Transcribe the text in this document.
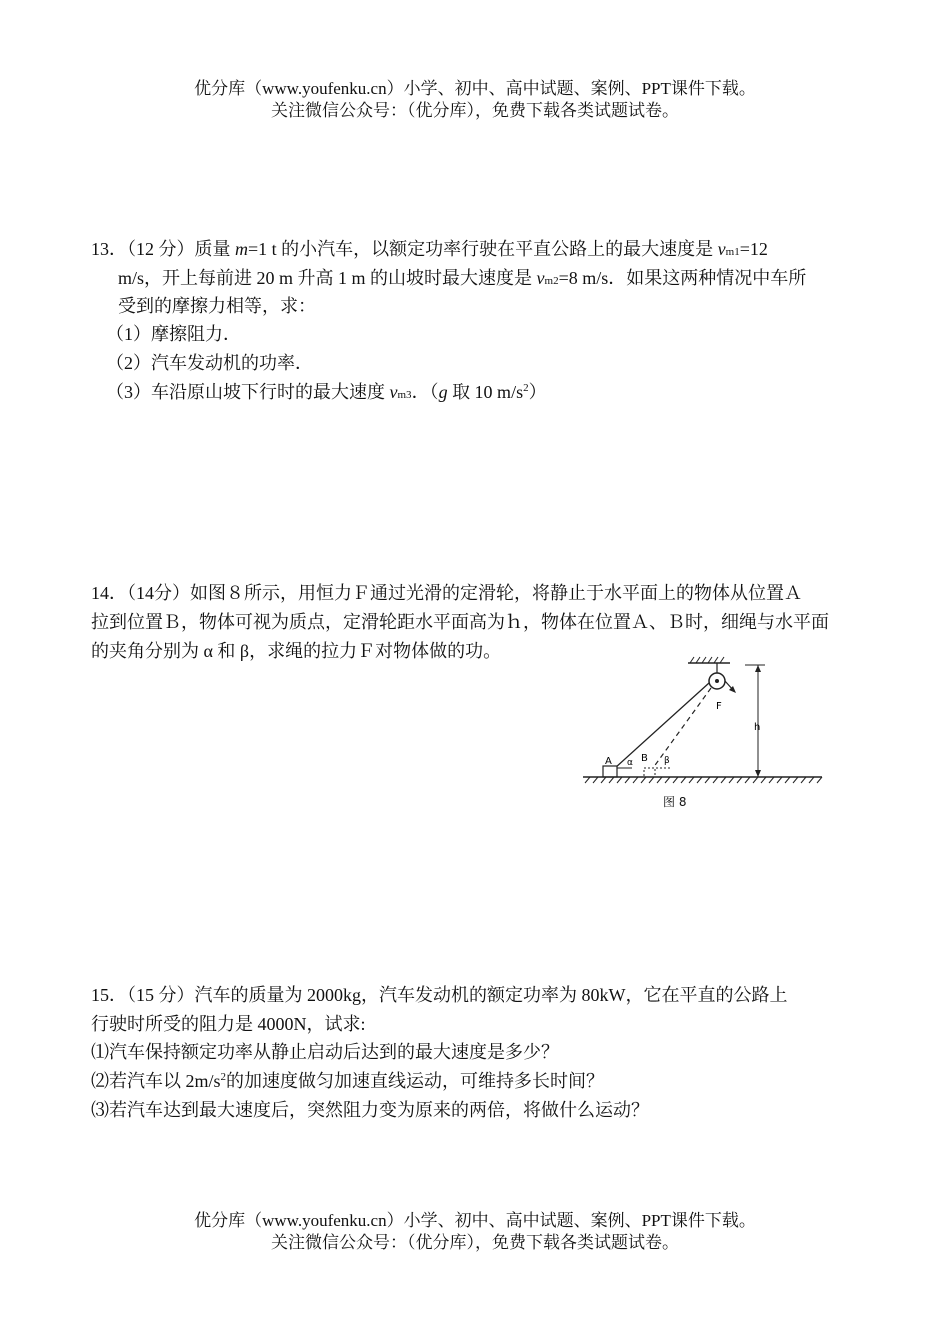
优分库（www.youfenku.cn）小学、初中、高中试题、案例、PPT课件下载。
关注微信公众号：（优分库），免费下载各类试题试卷。
13．（12 分）质量 m=1 t 的小汽车，以额定功率行驶在平直公路上的最大速度是 vm1=12
m/s，开上每前进 20 m 升高 1 m 的山坡时最大速度是 vm2=8 m/s．如果这两种情况中车所
受到的摩擦力相等，求：
（1）摩擦阻力．
（2）汽车发动机的功率．
（3）车沿原山坡下行时的最大速度 vm3．（g 取 10 $m/s^2$）
14．（14分）如图８所示，用恒力Ｆ通过光滑的定滑轮，将静止于水平面上的物体从位置Ａ
拉到位置Ｂ，物体可视为质点，定滑轮距水平面高为ｈ，物体在位置Ａ、Ｂ时，细绳与水平面
的夹角分别为 α 和 β，求绳的拉力Ｆ对物体做的功。
F
A α B β
h
图 8
15．（15 分）汽车的质量为 2000kg，汽车发动机的额定功率为 80kW，它在平直的公路上
行驶时所受的阻力是 4000N，试求:
⑴汽车保持额定功率从静止启动后达到的最大速度是多少？
⑵若汽车以 $2m/s^2$的加速度做匀加速直线运动，可维持多长时间？
⑶若汽车达到最大速度后，突然阻力变为原来的两倍，将做什么运动？
优分库（www.youfenku.cn）小学、初中、高中试题、案例、PPT课件下载。
关注微信公众号：（优分库），免费下载各类试题试卷。
